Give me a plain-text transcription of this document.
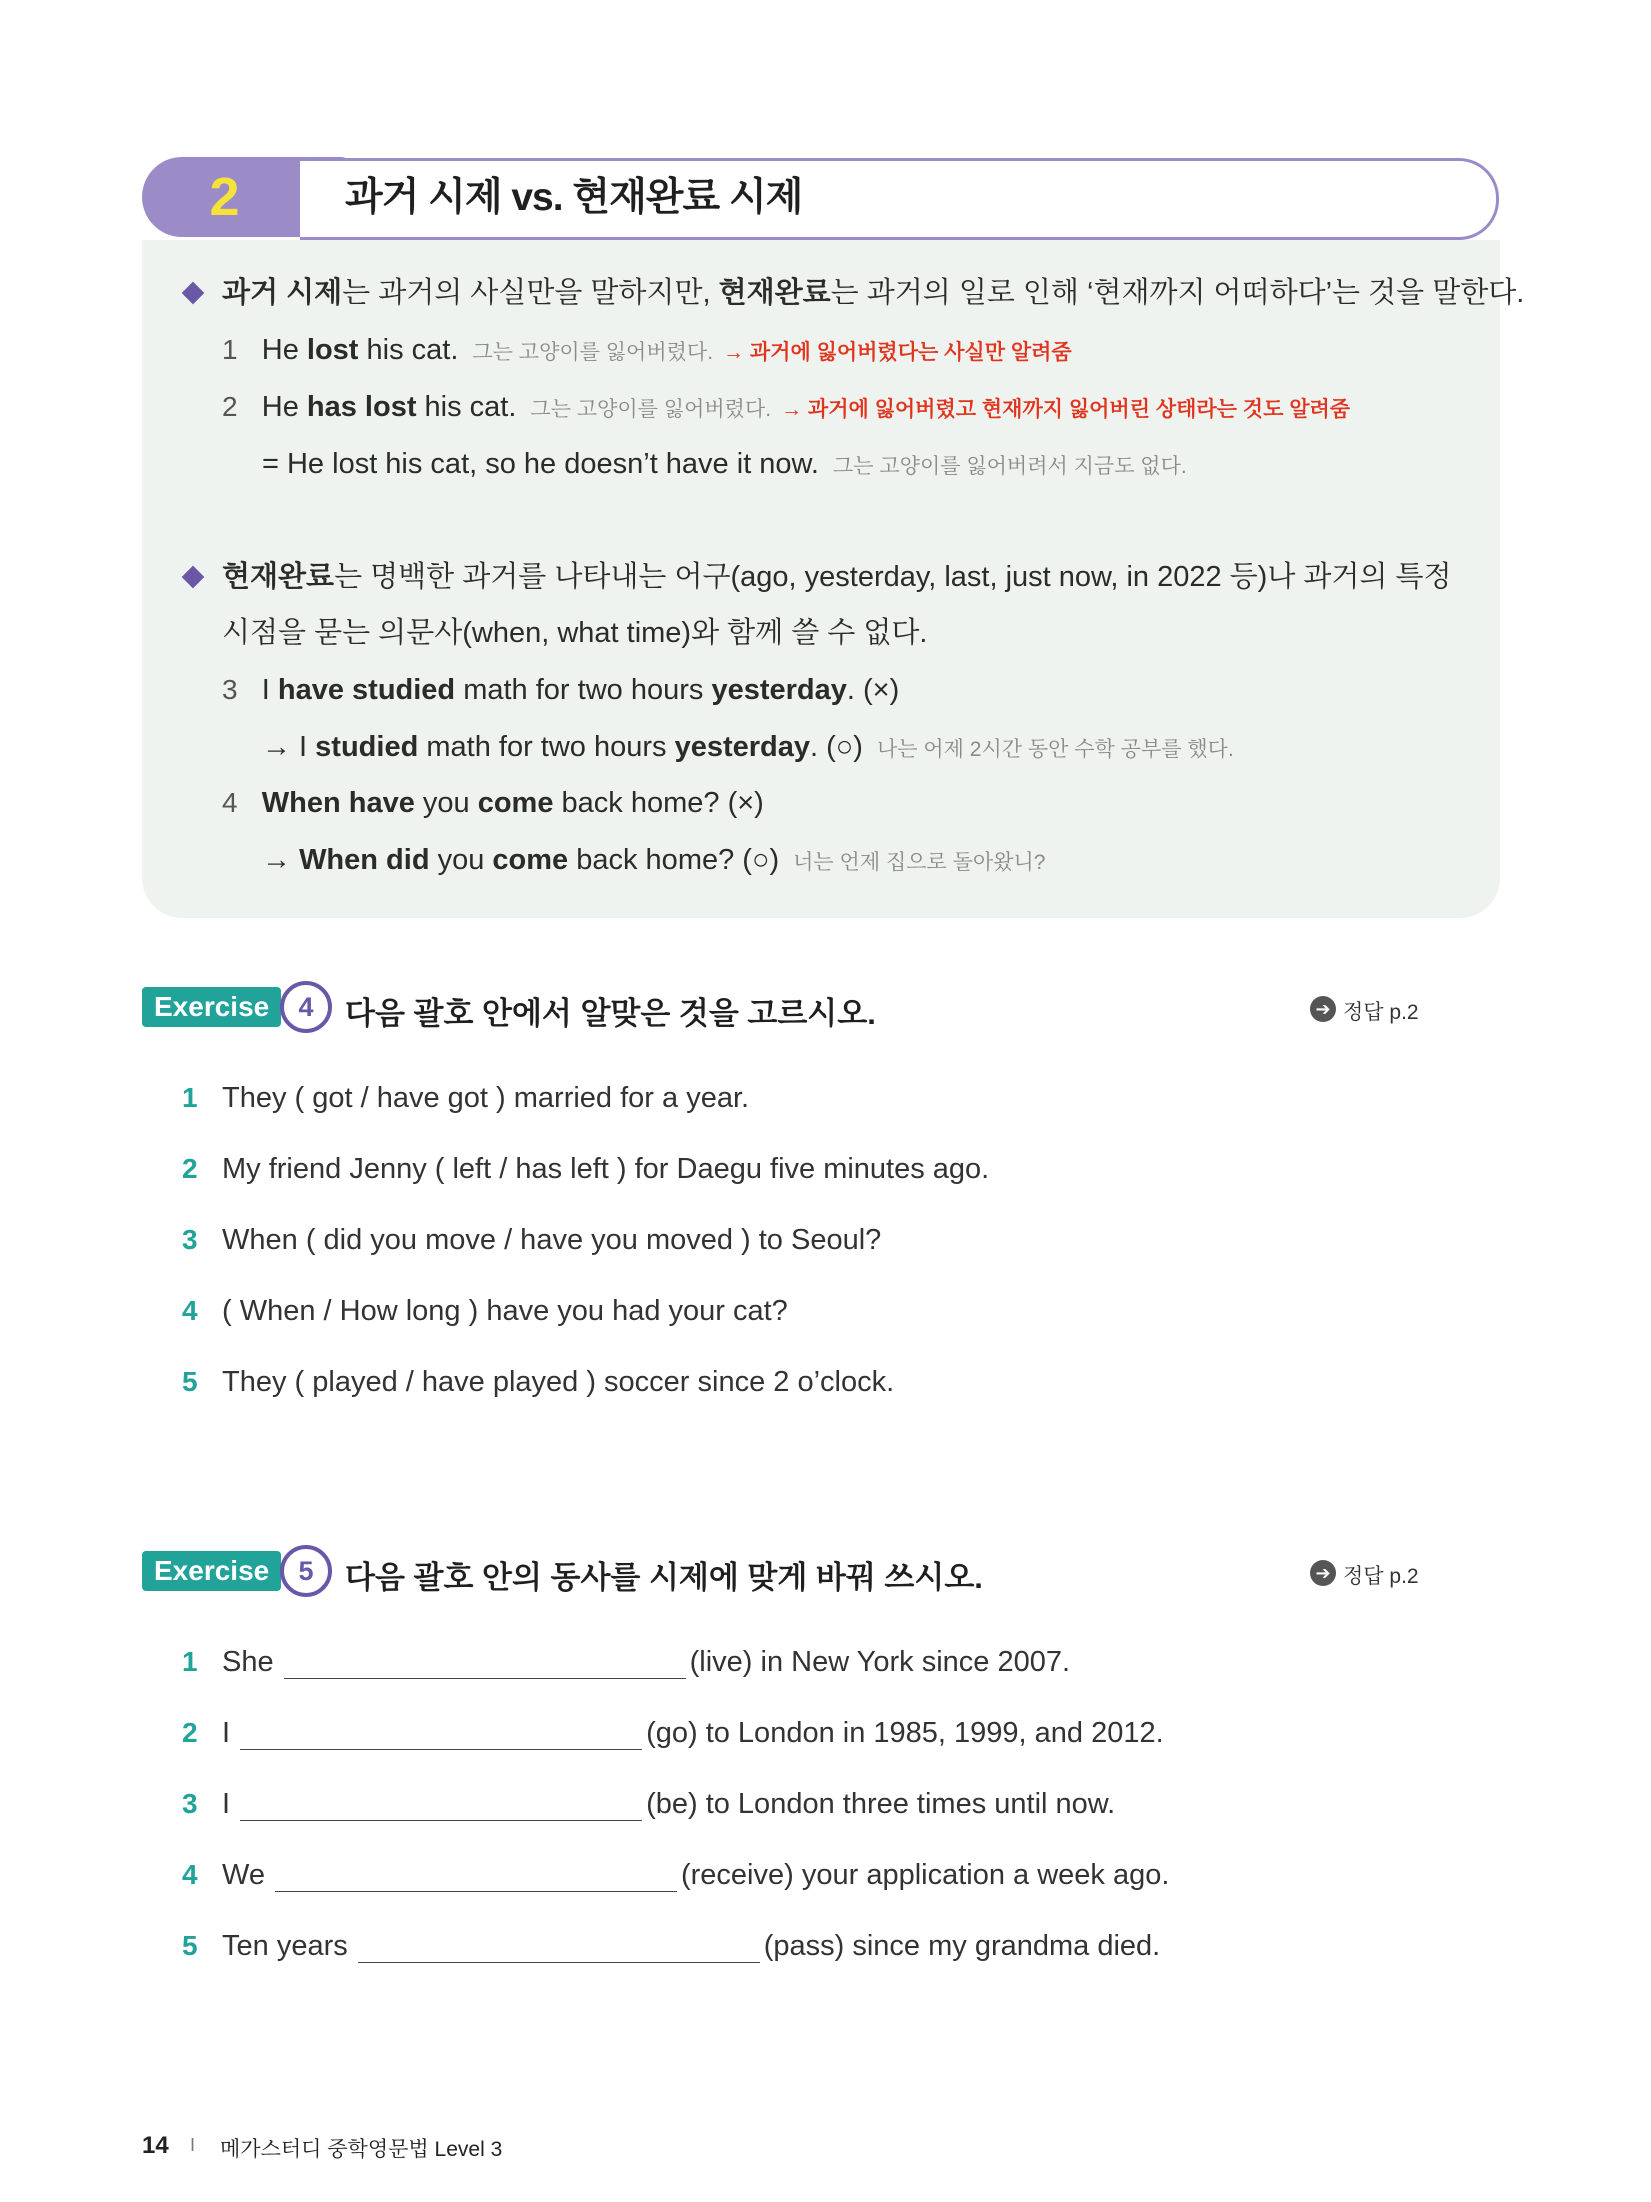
2	과거 시제 vs. 현재완료 시제
과거 시제는 과거의 사실만을 말하지만, 현재완료는 과거의 일로 인해 ‘현재까지 어떠하다’는 것을 말한다.
1 He lost his cat. 그는 고양이를 잃어버렸다. → 과거에 잃어버렸다는 사실만 알려줌
2 He has lost his cat. 그는 고양이를 잃어버렸다. → 과거에 잃어버렸고 현재까지 잃어버린 상태라는 것도 알려줌
= He lost his cat, so he doesn’t have it now. 그는 고양이를 잃어버려서 지금도 없다.
현재완료는 명백한 과거를 나타내는 어구(ago, yesterday, last, just now, in 2022 등)나 과거의 특정
시점을 묻는 의문사(when, what time)와 함께 쓸 수 없다.
3 I have studied math for two hours yesterday. (×)
→ I studied math for two hours yesterday. (○) 나는 어제 2시간 동안 수학 공부를 했다.
4 When have you come back home? (×)
→ When did you come back home? (○) 너는 언제 집으로 돌아왔니?
Exercise	4	다음 괄호 안에서 알맞은 것을 고르시오.	➔ 정답 p.2
1 They ( got / have got ) married for a year.
2 My friend Jenny ( left / has left ) for Daegu five minutes ago.
3 When ( did you move / have you moved ) to Seoul?
4 ( When / How long ) have you had your cat?
5 They ( played / have played ) soccer since 2 o’clock.
Exercise	5	다음 괄호 안의 동사를 시제에 맞게 바꿔 쓰시오.	➔ 정답 p.2
1 She	(live) in New York since 2007.
2 I	(go) to London in 1985, 1999, and 2012.
3 I	(be) to London three times until now.
4 We	(receive) your application a week ago.
5 Ten years	(pass) since my grandma died.
14 I 메가스터디 중학영문법 Level 3
